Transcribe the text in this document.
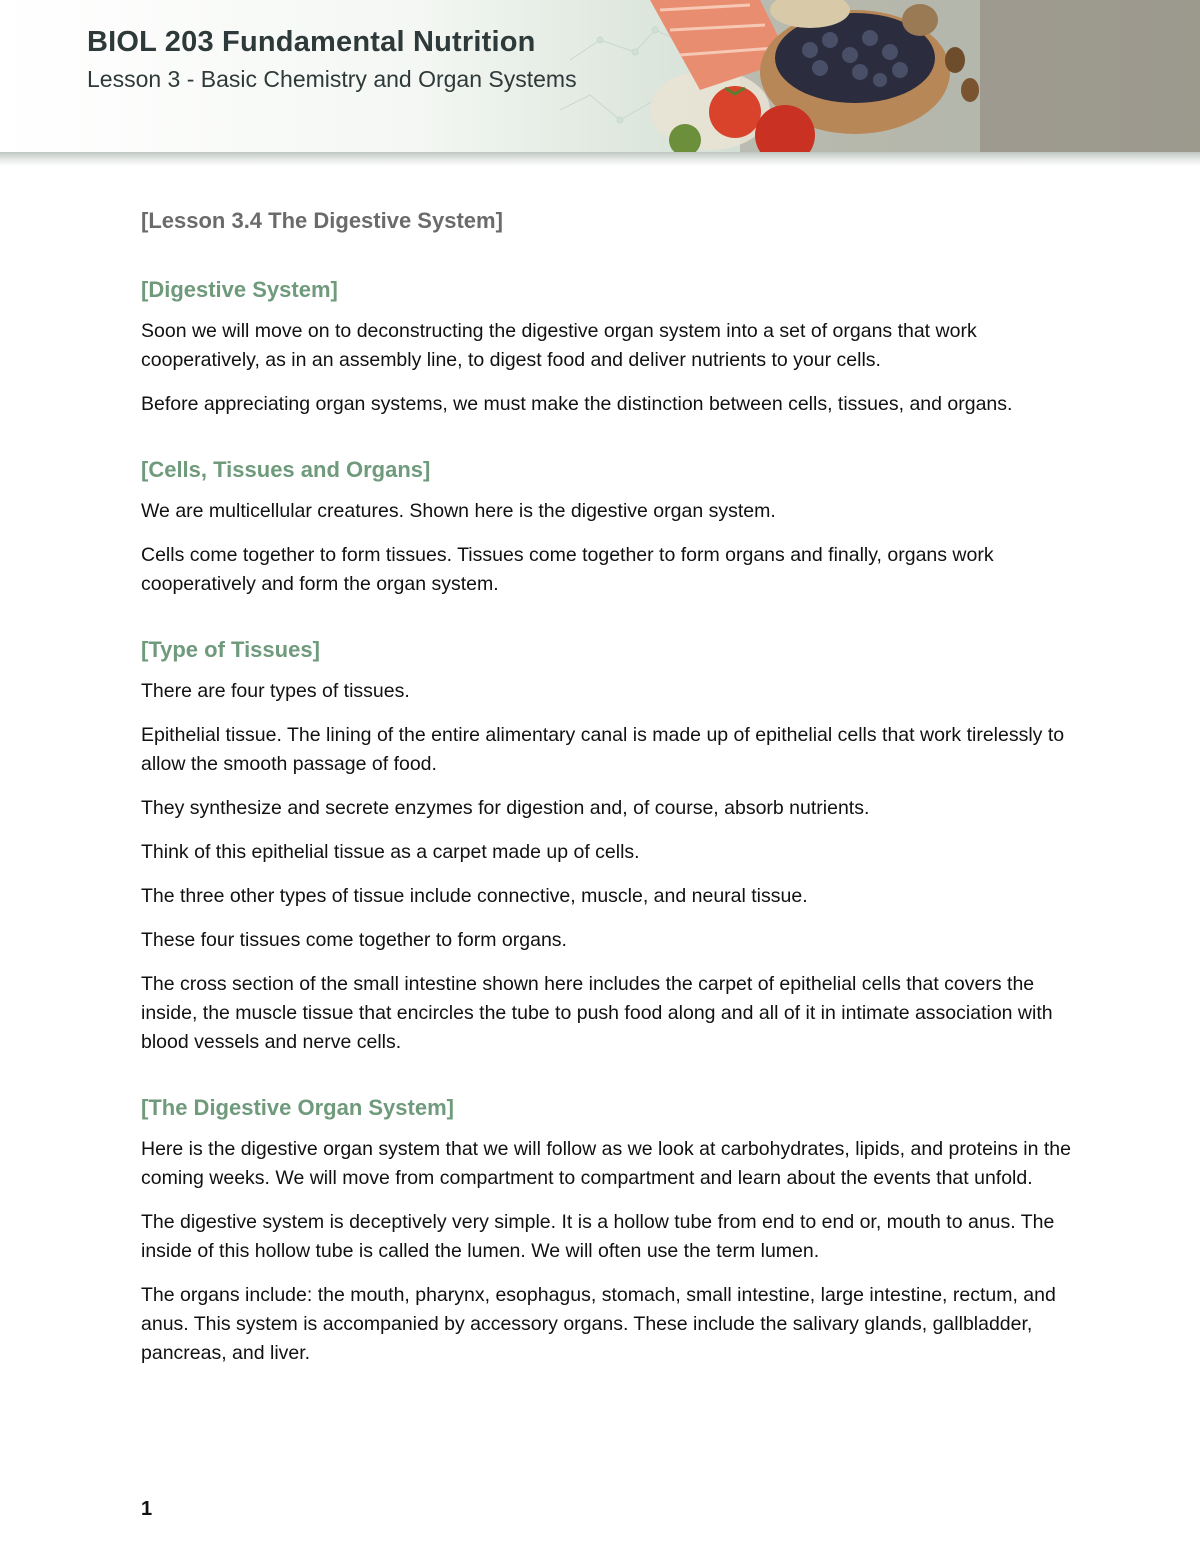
BIOL 203 Fundamental Nutrition
Lesson 3 - Basic Chemistry and Organ Systems
[Lesson 3.4 The Digestive System]
[Digestive System]

Soon we will move on to deconstructing the digestive organ system into a set of organs that work cooperatively, as in an assembly line, to digest food and deliver nutrients to your cells.

Before appreciating organ systems, we must make the distinction between cells, tissues, and organs.

[Cells, Tissues and Organs]

We are multicellular creatures. Shown here is the digestive organ system.

Cells come together to form tissues. Tissues come together to form organs and finally, organs work cooperatively and form the organ system.

[Type of Tissues]

There are four types of tissues.

Epithelial tissue. The lining of the entire alimentary canal is made up of epithelial cells that work tirelessly to allow the smooth passage of food.

They synthesize and secrete enzymes for digestion and, of course, absorb nutrients.

Think of this epithelial tissue as a carpet made up of cells.

The three other types of tissue include connective, muscle, and neural tissue.

These four tissues come together to form organs.

The cross section of the small intestine shown here includes the carpet of epithelial cells that covers the inside, the muscle tissue that encircles the tube to push food along and all of it in intimate association with blood vessels and nerve cells.

[The Digestive Organ System]

Here is the digestive organ system that we will follow as we look at carbohydrates, lipids, and proteins in the coming weeks. We will move from compartment to compartment and learn about the events that unfold.

The digestive system is deceptively very simple. It is a hollow tube from end to end or, mouth to anus. The inside of this hollow tube is called the lumen. We will often use the term lumen.

The organs include: the mouth, pharynx, esophagus, stomach, small intestine, large intestine, rectum, and anus. This system is accompanied by accessory organs. These include the salivary glands, gallbladder, pancreas, and liver.

1
